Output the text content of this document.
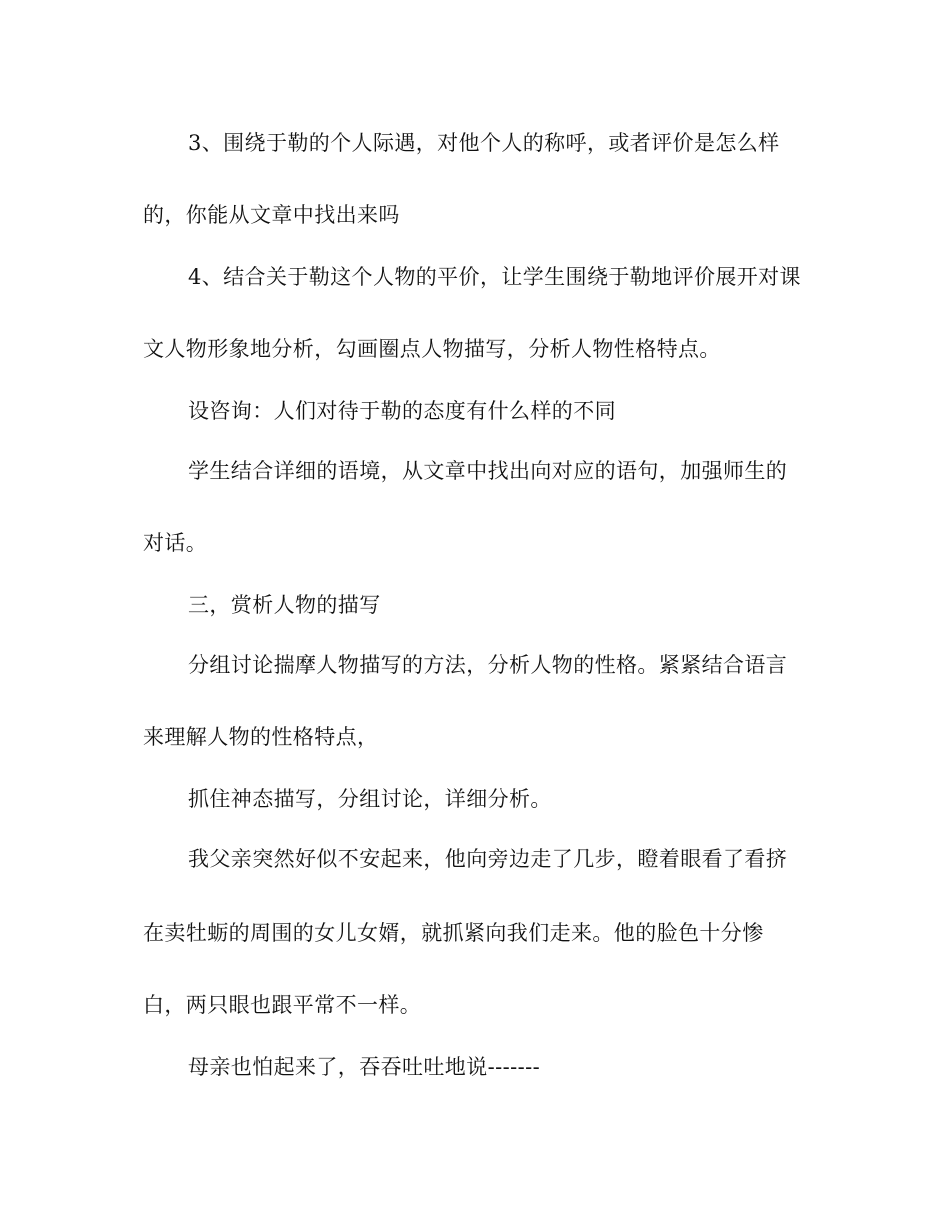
3、围绕于勒的个人际遇，对他个人的称呼，或者评价是怎么样
的，你能从文章中找出来吗
4、结合关于勒这个人物的平价，让学生围绕于勒地评价展开对课
文人物形象地分析，勾画圈点人物描写，分析人物性格特点。
设咨询：人们对待于勒的态度有什么样的不同
学生结合详细的语境，从文章中找出向对应的语句，加强师生的
对话。
三，赏析人物的描写
分组讨论揣摩人物描写的方法，分析人物的性格。紧紧结合语言
来理解人物的性格特点，
抓住神态描写，分组讨论，详细分析。
我父亲突然好似不安起来，他向旁边走了几步，瞪着眼看了看挤
在卖牡蛎的周围的女儿女婿，就抓紧向我们走来。他的脸色十分惨
白，两只眼也跟平常不一样。
母亲也怕起来了，吞吞吐吐地说-------
